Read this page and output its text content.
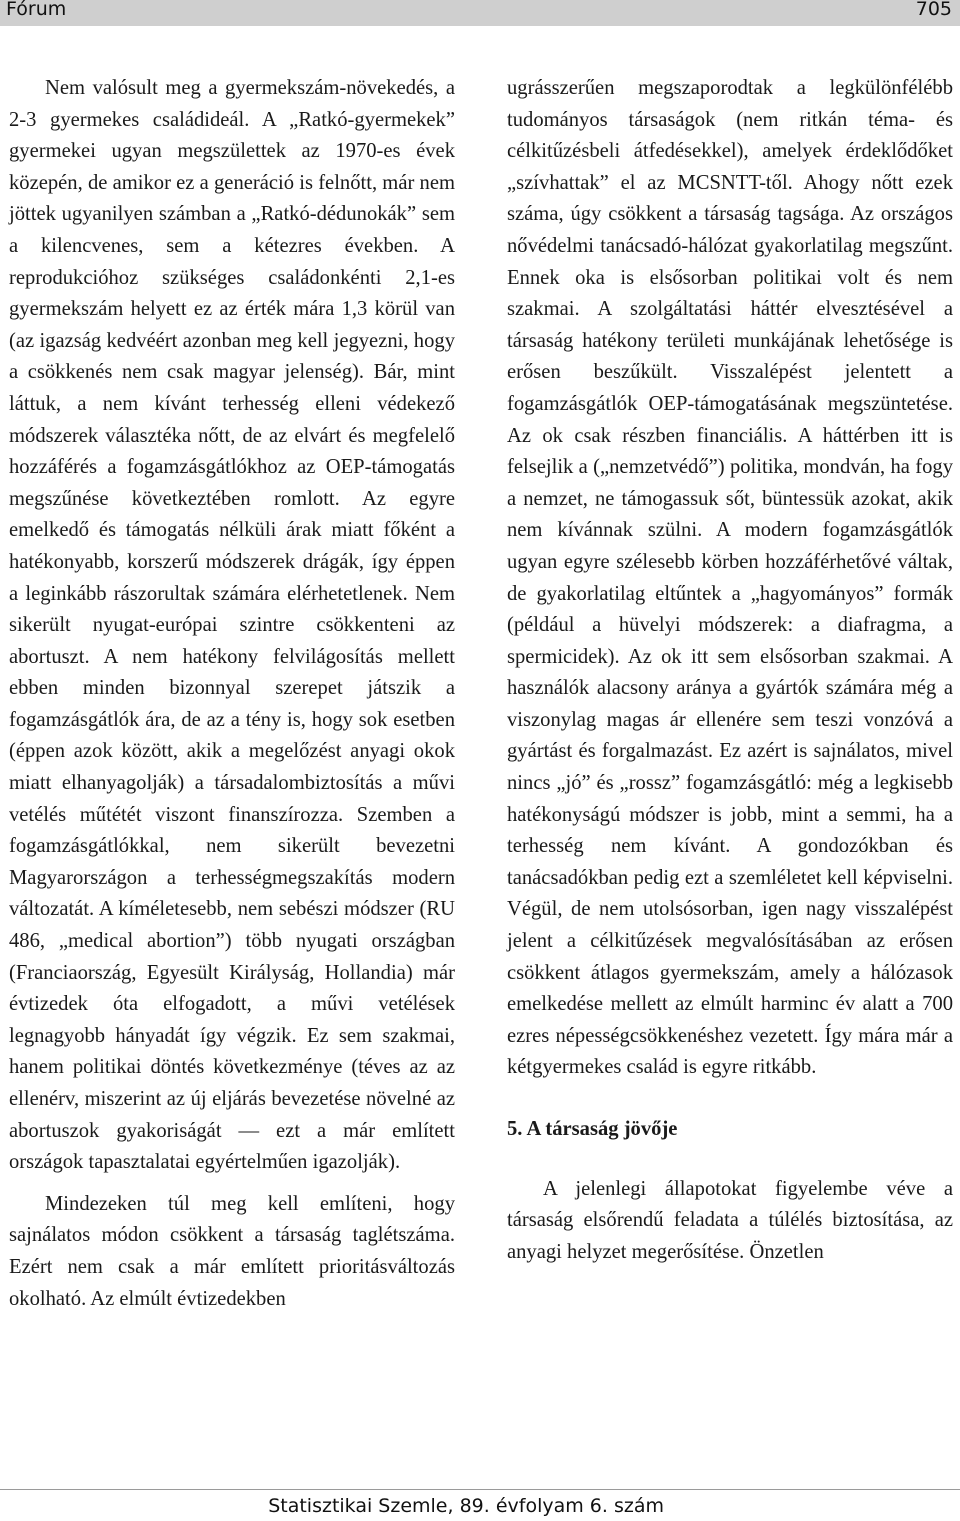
Fórum	705

Nem valósult meg a gyermekszám-növekedés, a 2-3 gyermekes családideál. A „Ratkó-gyermekek” gyermekei ugyan megszülettek az 1970-es évek közepén, de amikor ez a generáció is felnőtt, már nem jöttek ugyanilyen számban a „Ratkó-dédunokák” sem a kilencvenes, sem a kétezres években. A reprodukcióhoz szükséges családonkénti 2,1-es gyermekszám helyett ez az érték mára 1,3 körül van (az igazság kedvéért azonban meg kell jegyezni, hogy a csökkenés nem csak magyar jelenség). Bár, mint láttuk, a nem kívánt terhesség elleni védekező módszerek választéka nőtt, de az elvárt és megfelelő hozzáférés a fogamzásgátlókhoz az OEP-támogatás megszűnése következtében romlott. Az egyre emelkedő és támogatás nélküli árak miatt főként a hatékonyabb, korszerű módszerek drágák, így éppen a leginkább rászorultak számára elérhetetlenek. Nem sikerült nyugat-európai szintre csökkenteni az abortuszt. A nem hatékony felvilágosítás mellett ebben minden bizonnyal szerepet játszik a fogamzásgátlók ára, de az a tény is, hogy sok esetben (éppen azok között, akik a megelőzést anyagi okok miatt elhanyagolják) a társadalombiztosítás a művi vetélés műtétét viszont finanszírozza. Szemben a fogamzásgátlókkal, nem sikerült bevezetni Magyarországon a terhességmegszakítás modern változatát. A kíméletesebb, nem sebészi módszer (RU 486, „medical abortion”) több nyugati országban (Franciaország, Egyesült Királyság, Hollandia) már évtizedek óta elfogadott, a művi vetélések legnagyobb hányadát így végzik. Ez sem szakmai, hanem politikai döntés következménye (téves az az ellenérv, miszerint az új eljárás bevezetése növelné az abortuszok gyakoriságát — ezt a már említett országok tapasztalatai egyértelműen igazolják).

Mindezeken túl meg kell említeni, hogy sajnálatos módon csökkent a társaság taglétszáma. Ezért nem csak a már említett prioritásváltozás okolható. Az elmúlt évtizedekben

ugrásszerűen megszaporodtak a legkülönfélébb tudományos társaságok (nem ritkán téma- és célkitűzésbeli átfedésekkel), amelyek érdeklődőket „szívhattak” el az MCSNTT-től. Ahogy nőtt ezek száma, úgy csökkent a társaság tagsága. Az országos nővédelmi tanácsadó-hálózat gyakorlatilag megszűnt. Ennek oka is elsősorban politikai volt és nem szakmai. A szolgáltatási háttér elvesztésével a társaság hatékony területi munkájának lehetősége is erősen beszűkült. Visszalépést jelentett a fogamzásgátlók OEP-támogatásának megszüntetése. Az ok csak részben financiális. A háttérben itt is felsejlik a („nemzetvédő”) politika, mondván, ha fogy a nemzet, ne támogassuk sőt, büntessük azokat, akik nem kívánnak szülni. A modern fogamzásgátlók ugyan egyre szélesebb körben hozzáférhetővé váltak, de gyakorlatilag eltűntek a „hagyományos” formák (például a hüvelyi módszerek: a diafragma, a spermicidek). Az ok itt sem elsősorban szakmai. A használók alacsony aránya a gyártók számára még a viszonylag magas ár ellenére sem teszi vonzóvá a gyártást és forgalmazást. Ez azért is sajnálatos, mivel nincs „jó” és „rossz” fogamzásgátló: még a legkisebb hatékonyságú módszer is jobb, mint a semmi, ha a terhesség nem kívánt. A gondozókban és tanácsadókban pedig ezt a szemléletet kell képviselni. Végül, de nem utolsósorban, igen nagy visszalépést jelent a célkitűzések megvalósításában az erősen csökkent átlagos gyermekszám, amely a hálózasok emelkedése mellett az elmúlt harminc év alatt a 700 ezres népességcsökkenéshez vezetett. Így mára már a kétgyermekes család is egyre ritkább.

5. A társaság jövője

A jelenlegi állapotokat figyelembe véve a társaság elsőrendű feladata a túlélés biztosítása, az anyagi helyzet megerősítése. Önzetlen

Statisztikai Szemle, 89. évfolyam 6. szám
